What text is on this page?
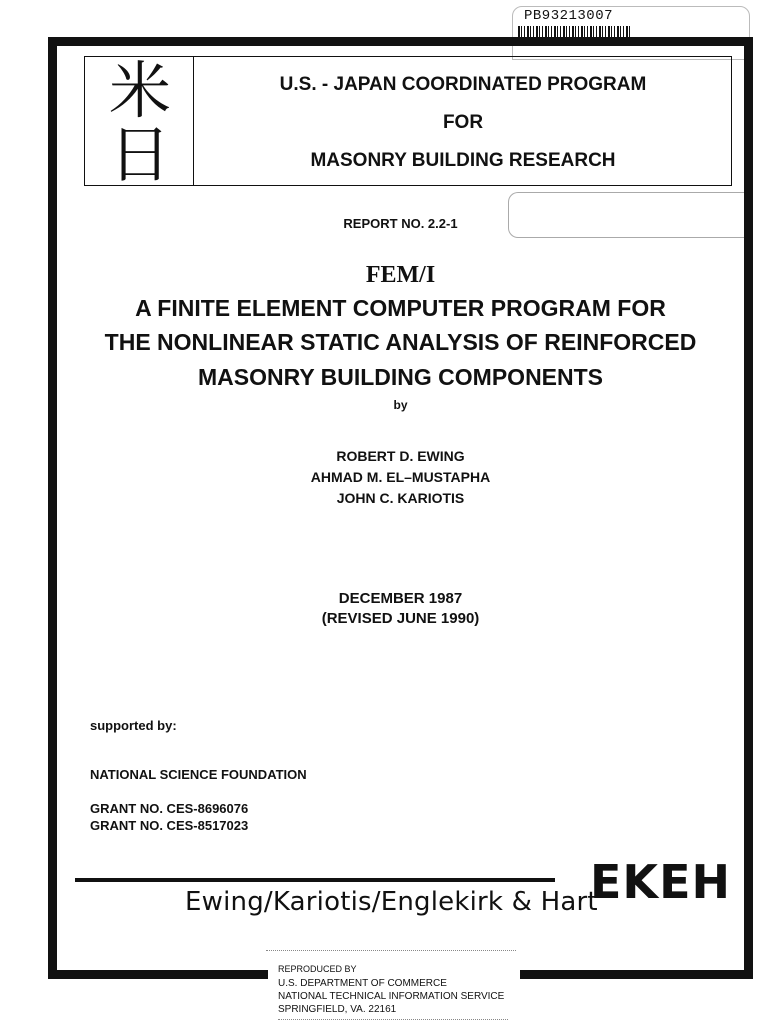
PB93213007
米
日
U.S. - JAPAN COORDINATED PROGRAM
FOR
MASONRY BUILDING RESEARCH
REPORT NO. 2.2-1
FEM/I
A FINITE ELEMENT COMPUTER PROGRAM FOR
THE NONLINEAR STATIC ANALYSIS OF REINFORCED
MASONRY BUILDING COMPONENTS
by
ROBERT D. EWING
AHMAD M. EL–MUSTAPHA
JOHN C. KARIOTIS
DECEMBER 1987
(REVISED JUNE 1990)
supported by:
NATIONAL SCIENCE FOUNDATION
GRANT NO. CES-8696076
GRANT NO. CES-8517023
Ewing/Kariotis/Englekirk & Hart
EKEH
REPRODUCED BY
U.S. DEPARTMENT OF COMMERCE
NATIONAL TECHNICAL INFORMATION SERVICE
SPRINGFIELD, VA. 22161
